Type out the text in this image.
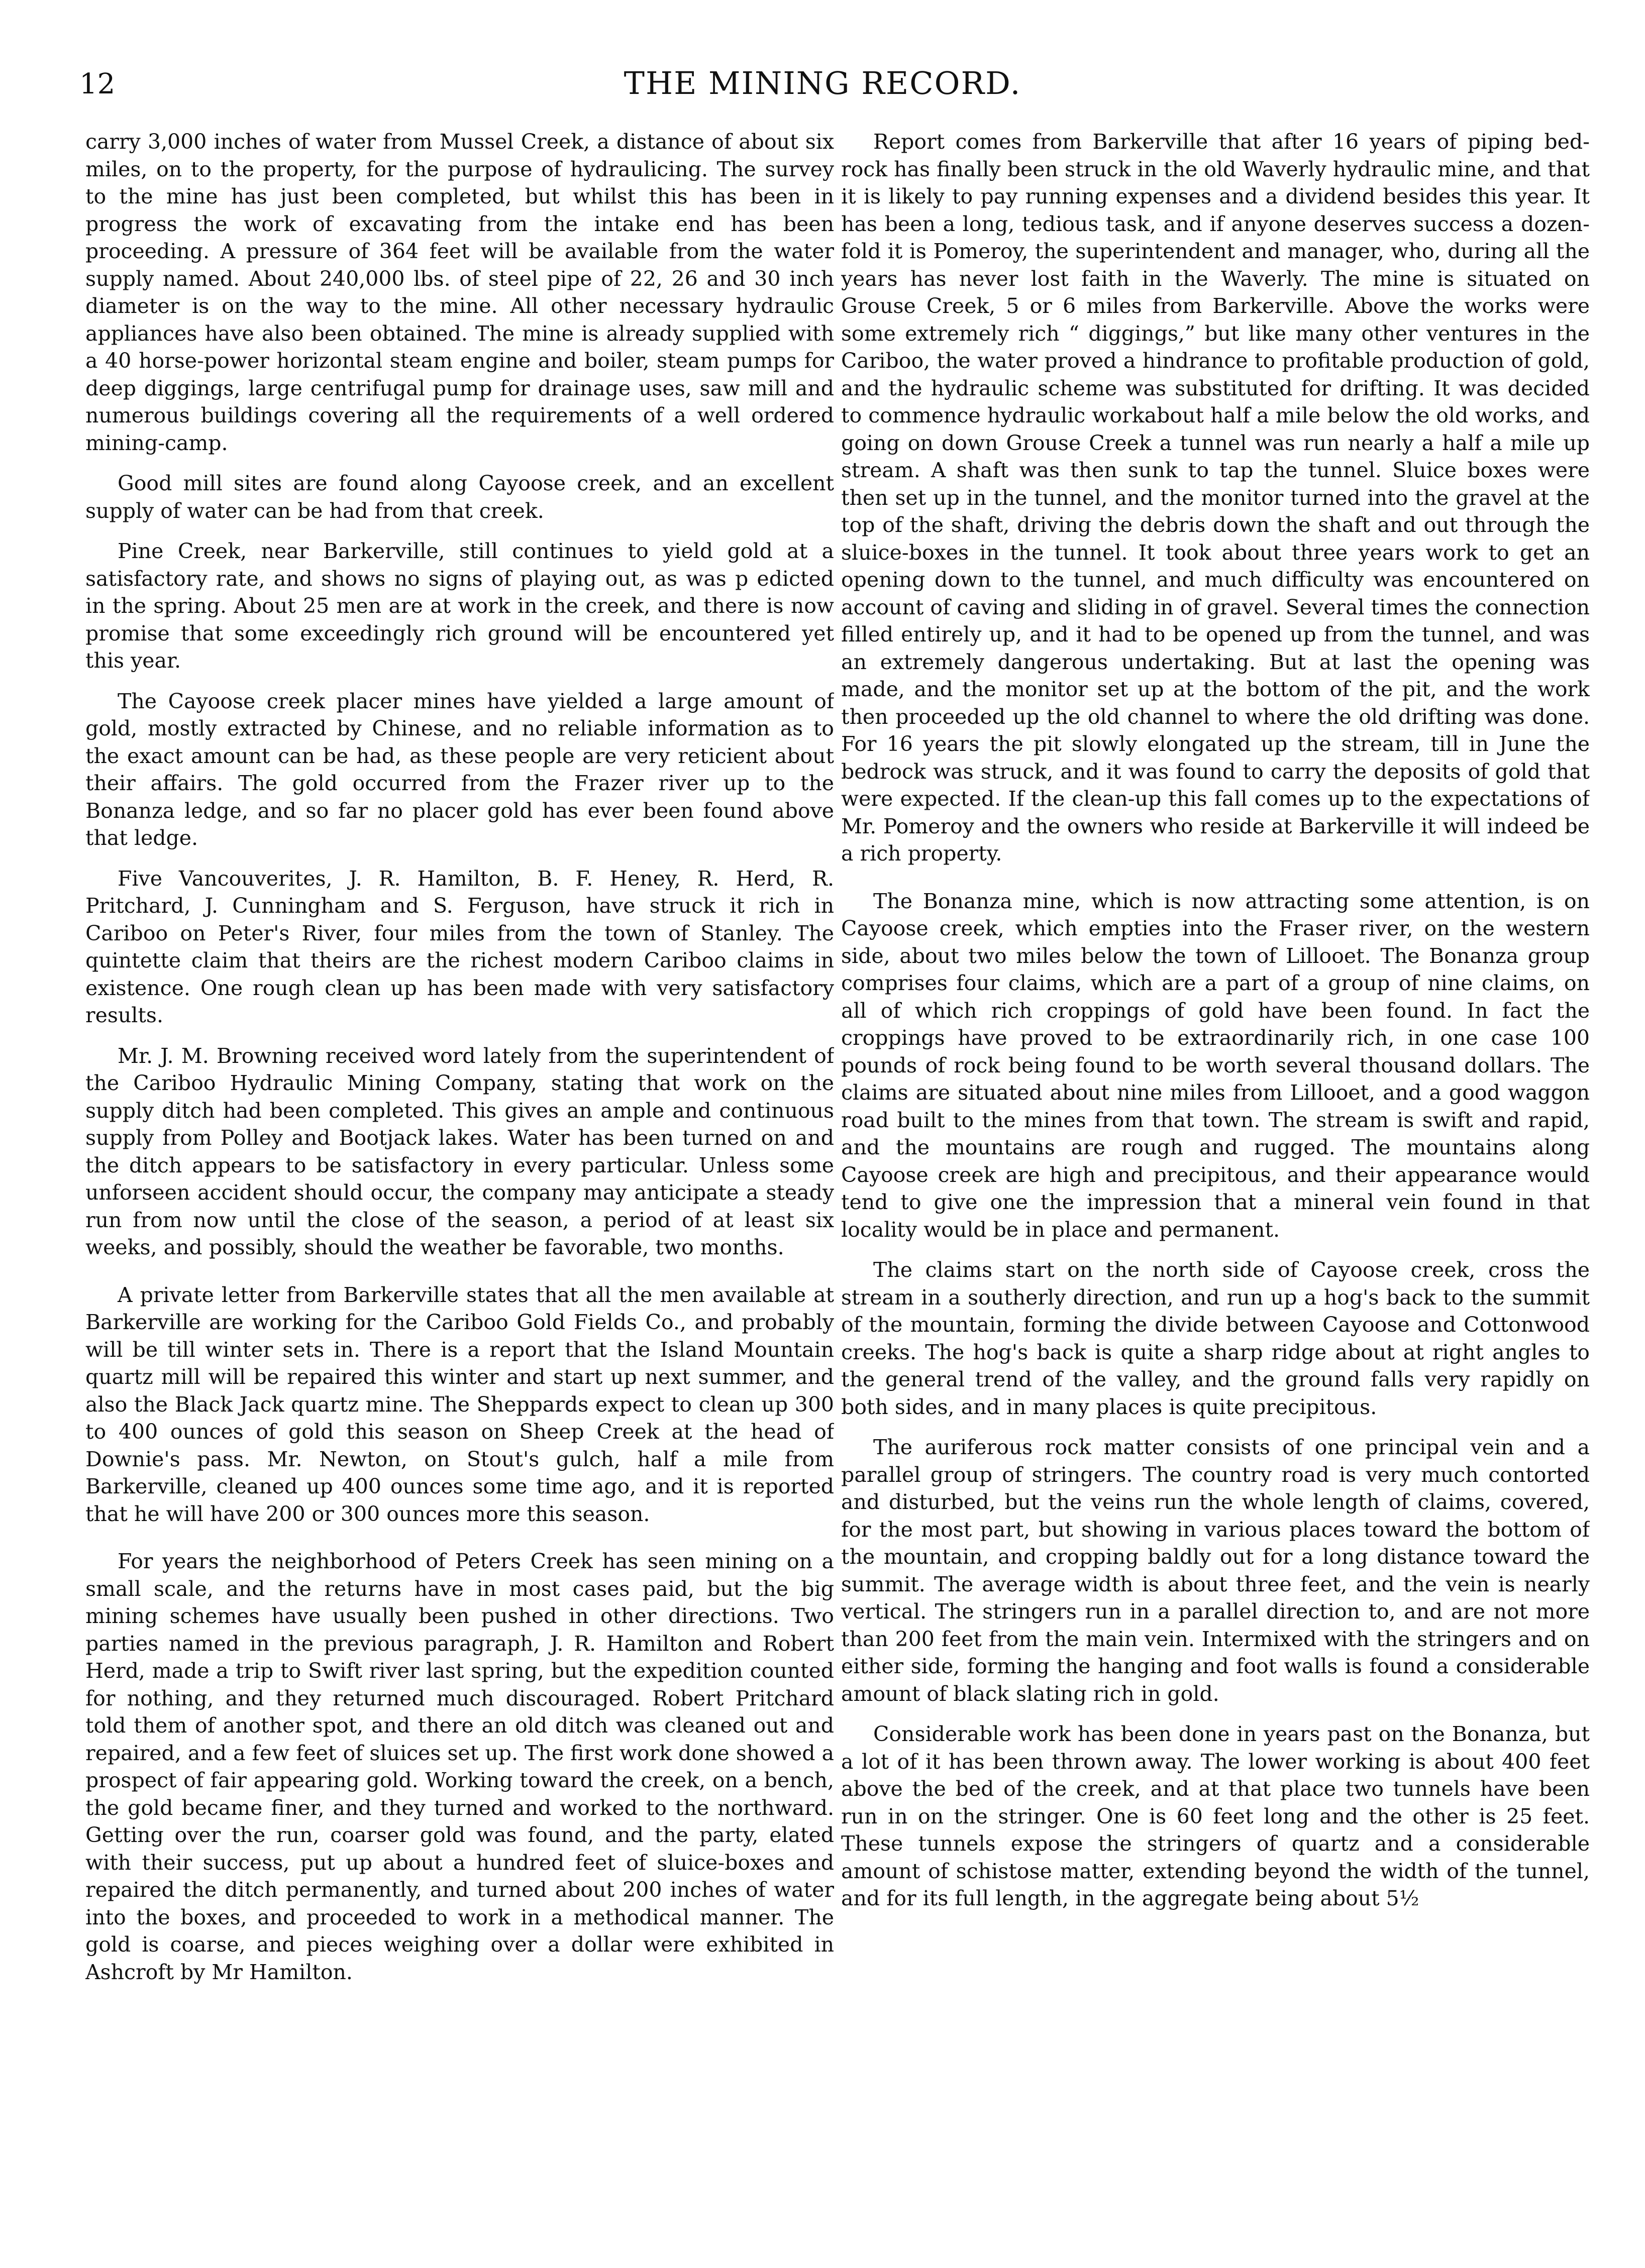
12	THE MINING RECORD.

carry 3,000 inches of water from Mussel Creek, a distance of about six miles, on to the property, for the purpose of hydraulicing. The survey to the mine has just been completed, but whilst this has been in progress the work of excavating from the intake end has been proceeding. A pressure of 364 feet will be available from the water supply named. About 240,000 lbs. of steel pipe of 22, 26 and 30 inch diameter is on the way to the mine. All other necessary hydraulic appliances have also been obtained. The mine is already supplied with a 40 horse-power horizontal steam engine and boiler, steam pumps for deep diggings, large centrifugal pump for drainage uses, saw mill and numerous buildings covering all the requirements of a well ordered mining-camp.

Good mill sites are found along Cayoose creek, and an excellent supply of water can be had from that creek.

Pine Creek, near Barkerville, still continues to yield gold at a satisfactory rate, and shows no signs of playing out, as was p edicted in the spring. About 25 men are at work in the creek, and there is now promise that some exceedingly rich ground will be encountered yet this year.

The Cayoose creek placer mines have yielded a large amount of gold, mostly extracted by Chinese, and no reliable information as to the exact amount can be had, as these people are very reticient about their affairs. The gold occurred from the Frazer river up to the Bonanza ledge, and so far no placer gold has ever been found above that ledge.

Five Vancouverites, J. R. Hamilton, B. F. Heney, R. Herd, R. Pritchard, J. Cunningham and S. Ferguson, have struck it rich in Cariboo on Peter's River, four miles from the town of Stanley. The quintette claim that theirs are the richest modern Cariboo claims in existence. One rough clean up has been made with very satisfactory results.

Mr. J. M. Browning received word lately from the superintendent of the Cariboo Hydraulic Mining Company, stating that work on the supply ditch had been completed. This gives an ample and continuous supply from Polley and Bootjack lakes. Water has been turned on and the ditch appears to be satisfactory in every particular. Unless some unforseen accident should occur, the company may anticipate a steady run from now until the close of the season, a period of at least six weeks, and possibly, should the weather be favorable, two months.

A private letter from Barkerville states that all the men available at Barkerville are working for the Cariboo Gold Fields Co., and probably will be till winter sets in. There is a report that the Island Mountain quartz mill will be repaired this winter and start up next summer, and also the Black Jack quartz mine. The Sheppards expect to clean up 300 to 400 ounces of gold this season on Sheep Creek at the head of Downie's pass. Mr. Newton, on Stout's gulch, half a mile from Barkerville, cleaned up 400 ounces some time ago, and it is reported that he will have 200 or 300 ounces more this season.

For years the neighborhood of Peters Creek has seen mining on a small scale, and the returns have in most cases paid, but the big mining schemes have usually been pushed in other directions. Two parties named in the previous paragraph, J. R. Hamilton and Robert Herd, made a trip to Swift river last spring, but the expedition counted for nothing, and they returned much discouraged. Robert Pritchard told them of another spot, and there an old ditch was cleaned out and repaired, and a few feet of sluices set up. The first work done showed a prospect of fair appearing gold. Working toward the creek, on a bench, the gold became finer, and they turned and worked to the northward. Getting over the run, coarser gold was found, and the party, elated with their success, put up about a hundred feet of sluice-boxes and repaired the ditch permanently, and turned about 200 inches of water into the boxes, and proceeded to work in a methodical manner. The gold is coarse, and pieces weighing over a dollar were exhibited in Ashcroft by Mr Hamilton.

Report comes from Barkerville that after 16 years of piping bed-rock has finally been struck in the old Waverly hydraulic mine, and that it is likely to pay running expenses and a dividend besides this year. It has been a long, tedious task, and if anyone deserves success a dozen-fold it is Pomeroy, the superintendent and manager, who, during all the years has never lost faith in the Waverly. The mine is situated on Grouse Creek, 5 or 6 miles from Barkerville. Above the works were some extremely rich “ diggings,” but like many other ventures in the Cariboo, the water proved a hindrance to profitable production of gold, and the hydraulic scheme was substituted for drifting. It was decided to commence hydraulic workabout half a mile below the old works, and going on down Grouse Creek a tunnel was run nearly a half a mile up stream. A shaft was then sunk to tap the tunnel. Sluice boxes were then set up in the tunnel, and the monitor turned into the gravel at the top of the shaft, driving the debris down the shaft and out through the sluice-boxes in the tunnel. It took about three years work to get an opening down to the tunnel, and much difficulty was encountered on account of caving and sliding in of gravel. Several times the connection filled entirely up, and it had to be opened up from the tunnel, and was an extremely dangerous undertaking. But at last the opening was made, and the monitor set up at the bottom of the pit, and the work then proceeded up the old channel to where the old drifting was done. For 16 years the pit slowly elongated up the stream, till in June the bedrock was struck, and it was found to carry the deposits of gold that were expected. If the clean-up this fall comes up to the expectations of Mr. Pomeroy and the owners who reside at Barkerville it will indeed be a rich property.

The Bonanza mine, which is now attracting some attention, is on Cayoose creek, which empties into the Fraser river, on the western side, about two miles below the town of Lillooet. The Bonanza group comprises four claims, which are a part of a group of nine claims, on all of which rich croppings of gold have been found. In fact the croppings have proved to be extraordinarily rich, in one case 100 pounds of rock being found to be worth several thousand dollars. The claims are situated about nine miles from Lillooet, and a good waggon road built to the mines from that town. The stream is swift and rapid, and the mountains are rough and rugged. The mountains along Cayoose creek are high and precipitous, and their appearance would tend to give one the impression that a mineral vein found in that locality would be in place and permanent.

The claims start on the north side of Cayoose creek, cross the stream in a southerly direction, and run up a hog's back to the summit of the mountain, forming the divide between Cayoose and Cottonwood creeks. The hog's back is quite a sharp ridge about at right angles to the general trend of the valley, and the ground falls very rapidly on both sides, and in many places is quite precipitous.

The auriferous rock matter consists of one principal vein and a parallel group of stringers. The country road is very much contorted and disturbed, but the veins run the whole length of claims, covered, for the most part, but showing in various places toward the bottom of the mountain, and cropping baldly out for a long distance toward the summit. The average width is about three feet, and the vein is nearly vertical. The stringers run in a parallel direction to, and are not more than 200 feet from the main vein. Intermixed with the stringers and on either side, forming the hanging and foot walls is found a considerable amount of black slating rich in gold.

Considerable work has been done in years past on the Bonanza, but a lot of it has been thrown away. The lower working is about 400 feet above the bed of the creek, and at that place two tunnels have been run in on the stringer. One is 60 feet long and the other is 25 feet. These tunnels expose the stringers of quartz and a considerable amount of schistose matter, extending beyond the width of the tunnel, and for its full length, in the aggregate being about 5½
